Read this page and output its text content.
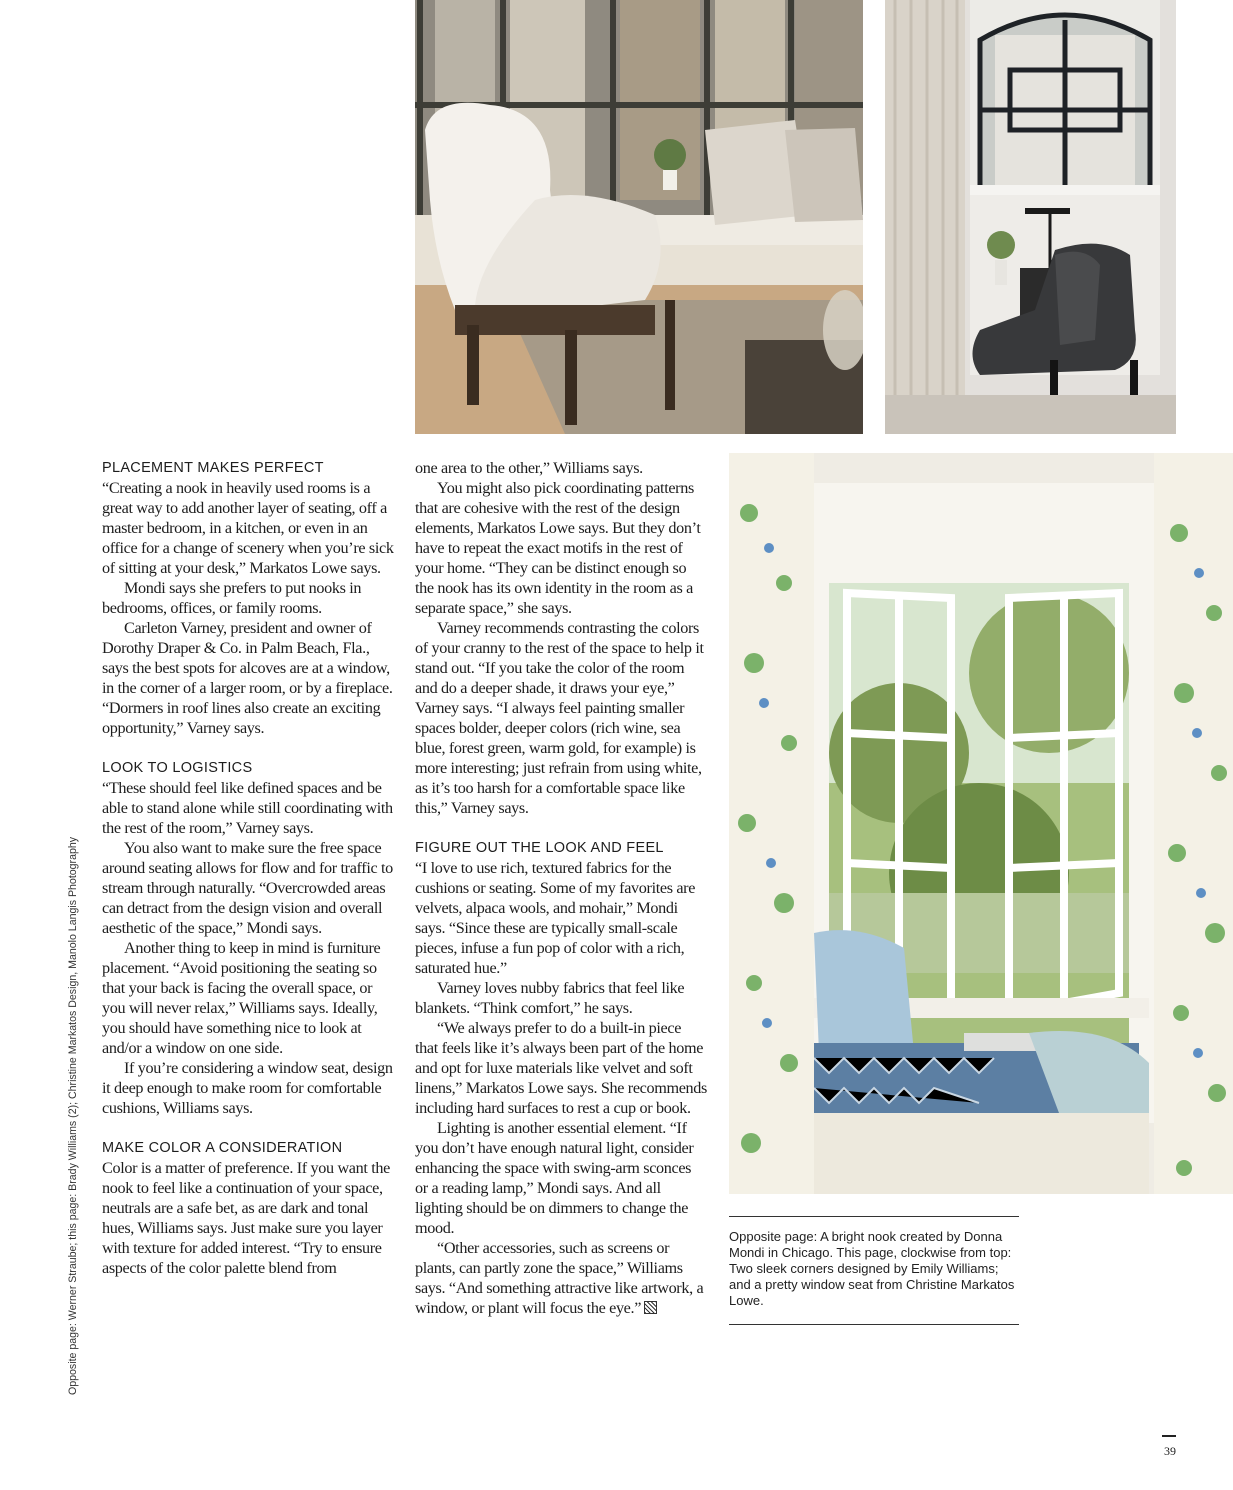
Opposite page: Werner Straube; this page: Brady Williams (2); Christine Markatos Design, Manolo Langis Photography
PLACEMENT MAKES PERFECT

“Creating a nook in heavily used rooms is a great way to add another layer of seating, off a master bedroom, in a kitchen, or even in an office for a change of scenery when you’re sick of sitting at your desk,” Markatos Lowe says.

Mondi says she prefers to put nooks in bedrooms, offices, or family rooms.

Carleton Varney, president and owner of Dorothy Draper & Co. in Palm Beach, Fla., says the best spots for alcoves are at a window, in the corner of a larger room, or by a fireplace. “Dormers in roof lines also create an exciting opportunity,” Varney says.

LOOK TO LOGISTICS

“These should feel like defined spaces and be able to stand alone while still coordinating with the rest of the room,” Varney says.

You also want to make sure the free space around seating allows for flow and for traffic to stream through naturally. “Overcrowded areas can detract from the design vision and overall aesthetic of the space,” Mondi says.

Another thing to keep in mind is furniture placement. “Avoid positioning the seating so that your back is facing the overall space, or you will never relax,” Williams says. Ideally, you should have something nice to look at and/or a window on one side.

If you’re considering a window seat, design it deep enough to make room for comfortable cushions, Williams says.

MAKE COLOR A CONSIDERATION

Color is a matter of preference. If you want the nook to feel like a continuation of your space, neutrals are a safe bet, as are dark and tonal hues, Williams says. Just make sure you layer with texture for added interest. “Try to ensure aspects of the color palette blend from

one area to the other,” Williams says.

You might also pick coordinating patterns that are cohesive with the rest of the design elements, Markatos Lowe says. But they don’t have to repeat the exact motifs in the rest of your home. “They can be distinct enough so the nook has its own identity in the room as a separate space,” she says.

Varney recommends contrasting the colors of your cranny to the rest of the space to help it stand out. “If you take the color of the room and do a deeper shade, it draws your eye,” Varney says. “I always feel painting smaller spaces bolder, deeper colors (rich wine, sea blue, forest green, warm gold, for example) is more interesting; just refrain from using white, as it’s too harsh for a comfortable space like this,” Varney says.

FIGURE OUT THE LOOK AND FEEL

“I love to use rich, textured fabrics for the cushions or seating. Some of my favorites are velvets, alpaca wools, and mohair,” Mondi says. “Since these are typically small-scale pieces, infuse a fun pop of color with a rich, saturated hue.”

Varney loves nubby fabrics that feel like blankets. “Think comfort,” he says.

“We always prefer to do a built-in piece that feels like it’s always been part of the home and opt for luxe materials like velvet and soft linens,” Markatos Lowe says. She recommends including hard surfaces to rest a cup or book.

Lighting is another essential element. “If you don’t have enough natural light, consider enhancing the space with swing-arm sconces or a reading lamp,” Mondi says. And all lighting should be on dimmers to change the mood.

“Other accessories, such as screens or plants, can partly zone the space,” Williams says. “And something attractive like artwork, a window, or plant will focus the eye.”

Opposite page: A bright nook created by Donna Mondi in Chicago. This page, clockwise from top: Two sleek corners designed by Emily Williams; and a pretty window seat from Christine Markatos Lowe.
39
